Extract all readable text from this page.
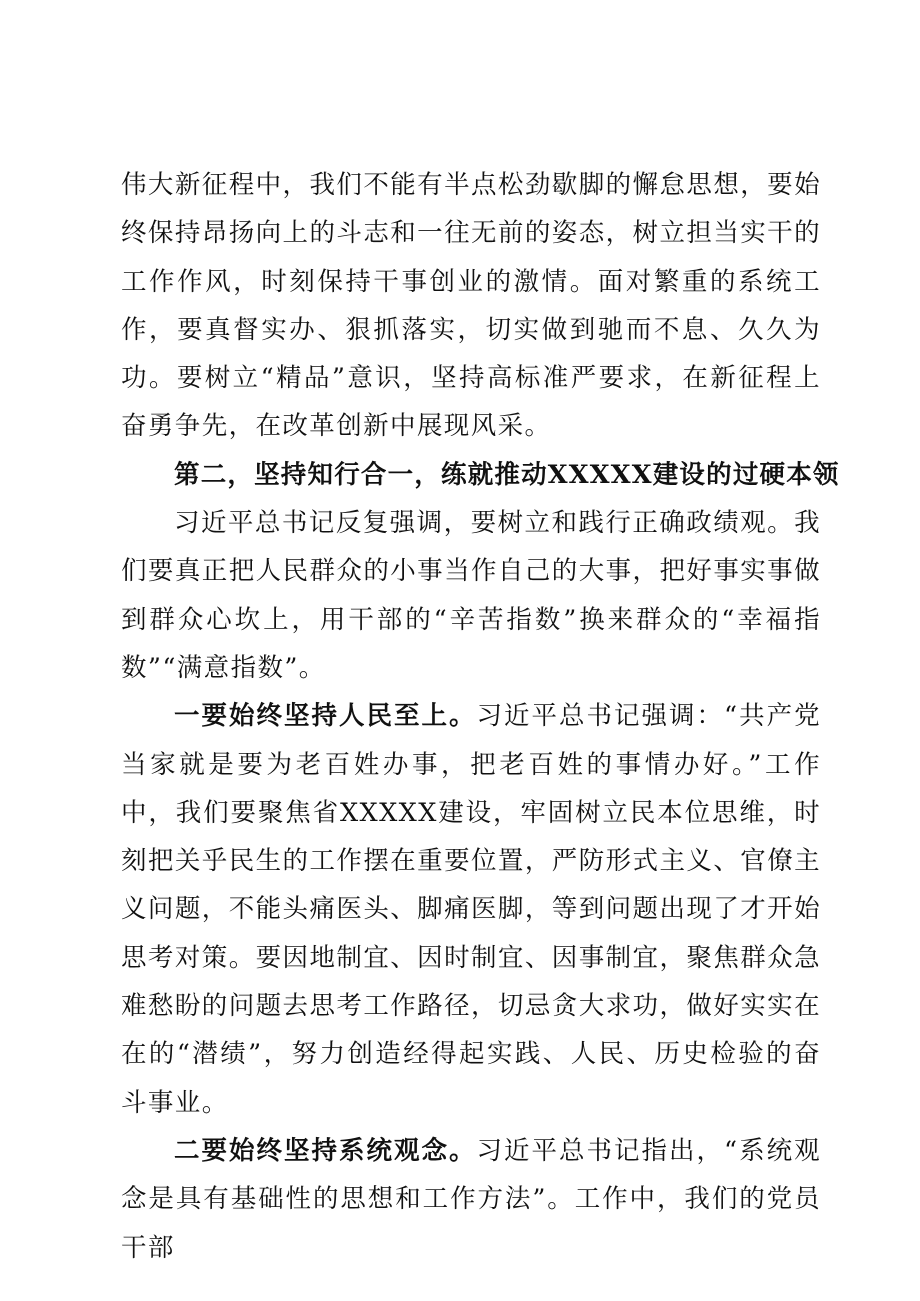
伟大新征程中，我们不能有半点松劲歇脚的懈怠思想，要始终保持昂扬向上的斗志和一往无前的姿态，树立担当实干的工作作风，时刻保持干事创业的激情。面对繁重的系统工作，要真督实办、狠抓落实，切实做到驰而不息、久久为功。要树立“精品”意识，坚持高标准严要求，在新征程上奋勇争先，在改革创新中展现风采。

第二，坚持知行合一，练就推动XXXXX建设的过硬本领

习近平总书记反复强调，要树立和践行正确政绩观。我们要真正把人民群众的小事当作自己的大事，把好事实事做到群众心坎上，用干部的“辛苦指数”换来群众的“幸福指数”“满意指数”。

一要始终坚持人民至上。习近平总书记强调：“共产党当家就是要为老百姓办事，把老百姓的事情办好。”工作中，我们要聚焦省XXXXX建设，牢固树立民本位思维，时刻把关乎民生的工作摆在重要位置，严防形式主义、官僚主义问题，不能头痛医头、脚痛医脚，等到问题出现了才开始思考对策。要因地制宜、因时制宜、因事制宜，聚焦群众急难愁盼的问题去思考工作路径，切忌贪大求功，做好实实在在的“潜绩”，努力创造经得起实践、人民、历史检验的奋斗事业。

二要始终坚持系统观念。习近平总书记指出，“系统观念是具有基础性的思想和工作方法”。工作中，我们的党员干部
